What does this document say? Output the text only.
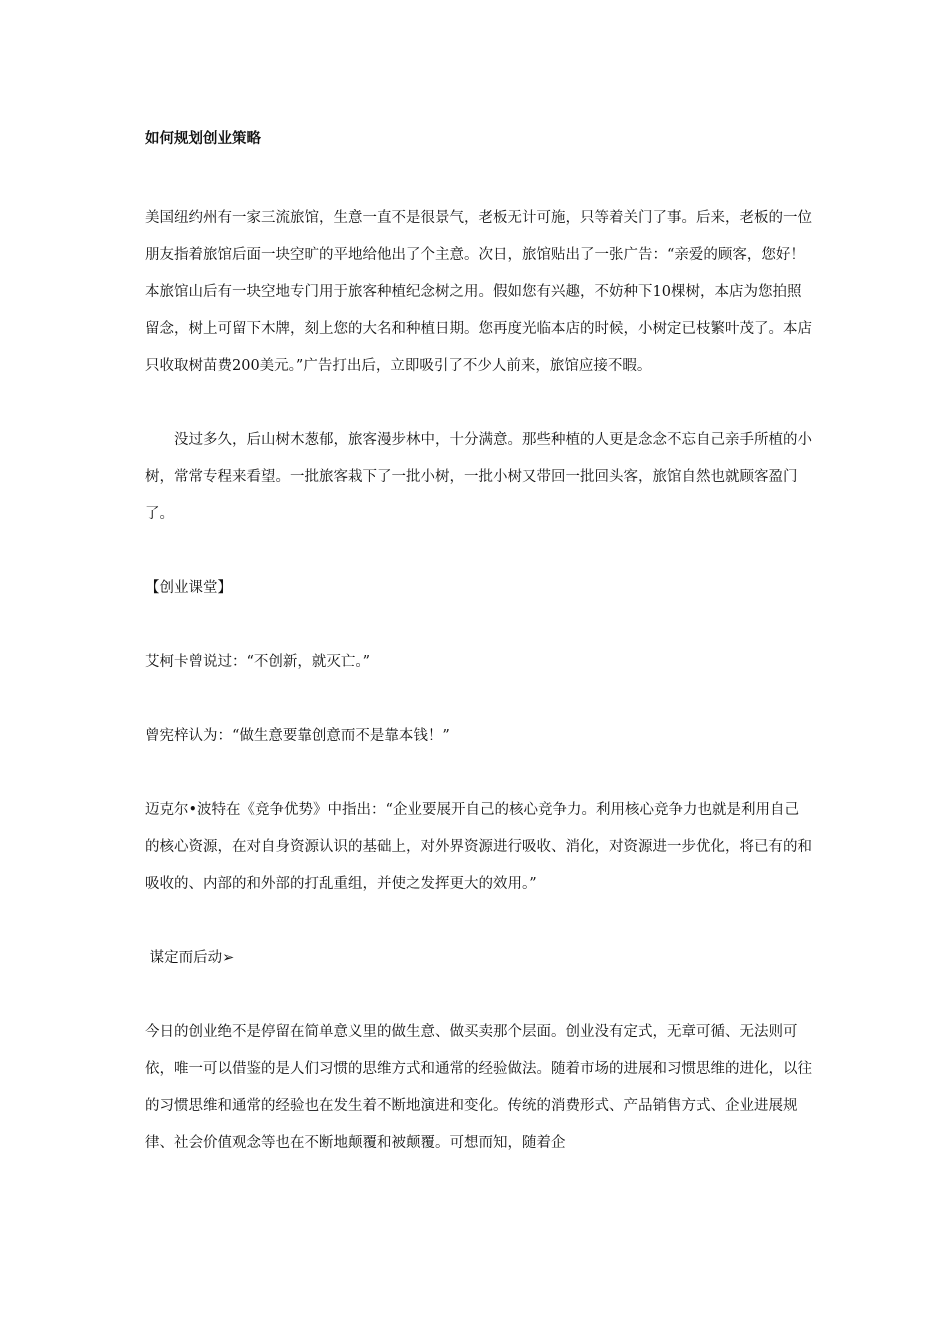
如何规划创业策略

美国纽约州有一家三流旅馆，生意一直不是很景气，老板无计可施，只等着关门了事。后来，老板的一位朋友指着旅馆后面一块空旷的平地给他出了个主意。次日，旅馆贴出了一张广告：“亲爱的顾客，您好！本旅馆山后有一块空地专门用于旅客种植纪念树之用。假如您有兴趣，不妨种下10棵树，本店为您拍照留念，树上可留下木牌，刻上您的大名和种植日期。您再度光临本店的时候，小树定已枝繁叶茂了。本店只收取树苗费200美元。”广告打出后，立即吸引了不少人前来，旅馆应接不暇。

没过多久，后山树木葱郁，旅客漫步林中，十分满意。那些种植的人更是念念不忘自己亲手所植的小树，常常专程来看望。一批旅客栽下了一批小树，一批小树又带回一批回头客，旅馆自然也就顾客盈门了。

【创业课堂】

艾柯卡曾说过：“不创新，就灭亡。”

曾宪梓认为：“做生意要靠创意而不是靠本钱！”

迈克尔•波特在《竞争优势》中指出：“企业要展开自己的核心竞争力。利用核心竞争力也就是利用自己的核心资源，在对自身资源认识的基础上，对外界资源进行吸收、消化，对资源进一步优化，将已有的和吸收的、内部的和外部的打乱重组，并使之发挥更大的效用。”

谋定而后动➢

今日的创业绝不是停留在简单意义里的做生意、做买卖那个层面。创业没有定式，无章可循、无法则可依，唯一可以借鉴的是人们习惯的思维方式和通常的经验做法。随着市场的进展和习惯思维的进化，以往的习惯思维和通常的经验也在发生着不断地演进和变化。传统的消费形式、产品销售方式、企业进展规律、社会价值观念等也在不断地颠覆和被颠覆。可想而知，随着企
